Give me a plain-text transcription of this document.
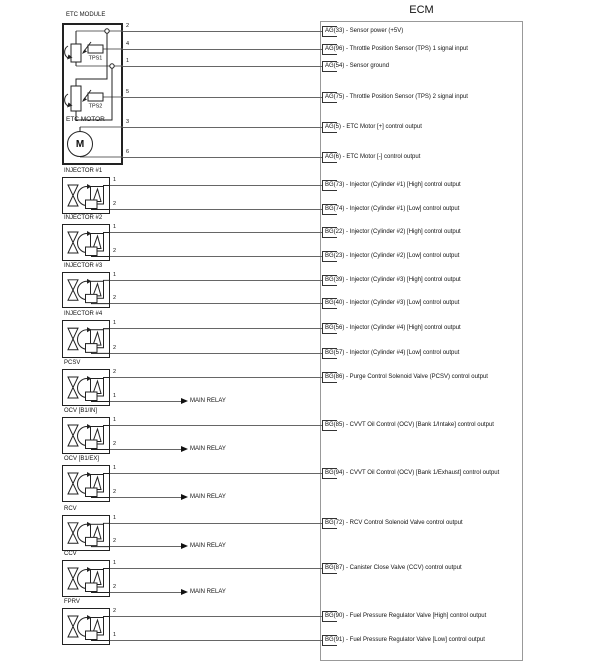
ECM
2
4
1
5
3
6
ETC MODULE
TPS1
TPS2
ETC MOTOR
M
1
2
INJECTOR #1
1
2
INJECTOR #2
1
2
INJECTOR #3
1
2
INJECTOR #4
2
MAIN RELAY
1
PCSV
1
MAIN RELAY
2
OCV [B1/IN]
1
MAIN RELAY
2
OCV [B1/EX]
1
MAIN RELAY
2
RCV
1
MAIN RELAY
2
CCV
2
1
FPRV
AG(33) - Sensor power (+5V)
AG(96) - Throttle Position Sensor (TPS) 1 signal input
AG(54) - Sensor ground
AG(75) - Throttle Position Sensor (TPS) 2 signal input
AG(5) - ETC Motor [+] control output
AG(6) - ETC Motor [-] control output
BG(73) - Injector (Cylinder #1) [High] control output
BG(74) - Injector (Cylinder #1) [Low] control output
BG(22) - Injector (Cylinder #2) [High] control output
BG(23) - Injector (Cylinder #2) [Low] control output
BG(39) - Injector (Cylinder #3) [High] control output
BG(40) - Injector (Cylinder #3) [Low] control output
BG(56) - Injector (Cylinder #4) [High] control output
BG(57) - Injector (Cylinder #4) [Low] control output
BG(86) - Purge Control Solenoid Valve (PCSV) control output
BG(85) - CVVT Oil Control (OCV) [Bank 1/Intake] control output
BG(94) - CVVT Oil Control (OCV) [Bank 1/Exhaust] control output
BG(72) - RCV Control Solenoid Valve control output
BG(87) - Canister Close Valve (CCV) control output
BG(90) - Fuel Pressure Regulator Valve [High] control output
BG(91) - Fuel Pressure Regulator Valve [Low] control output
